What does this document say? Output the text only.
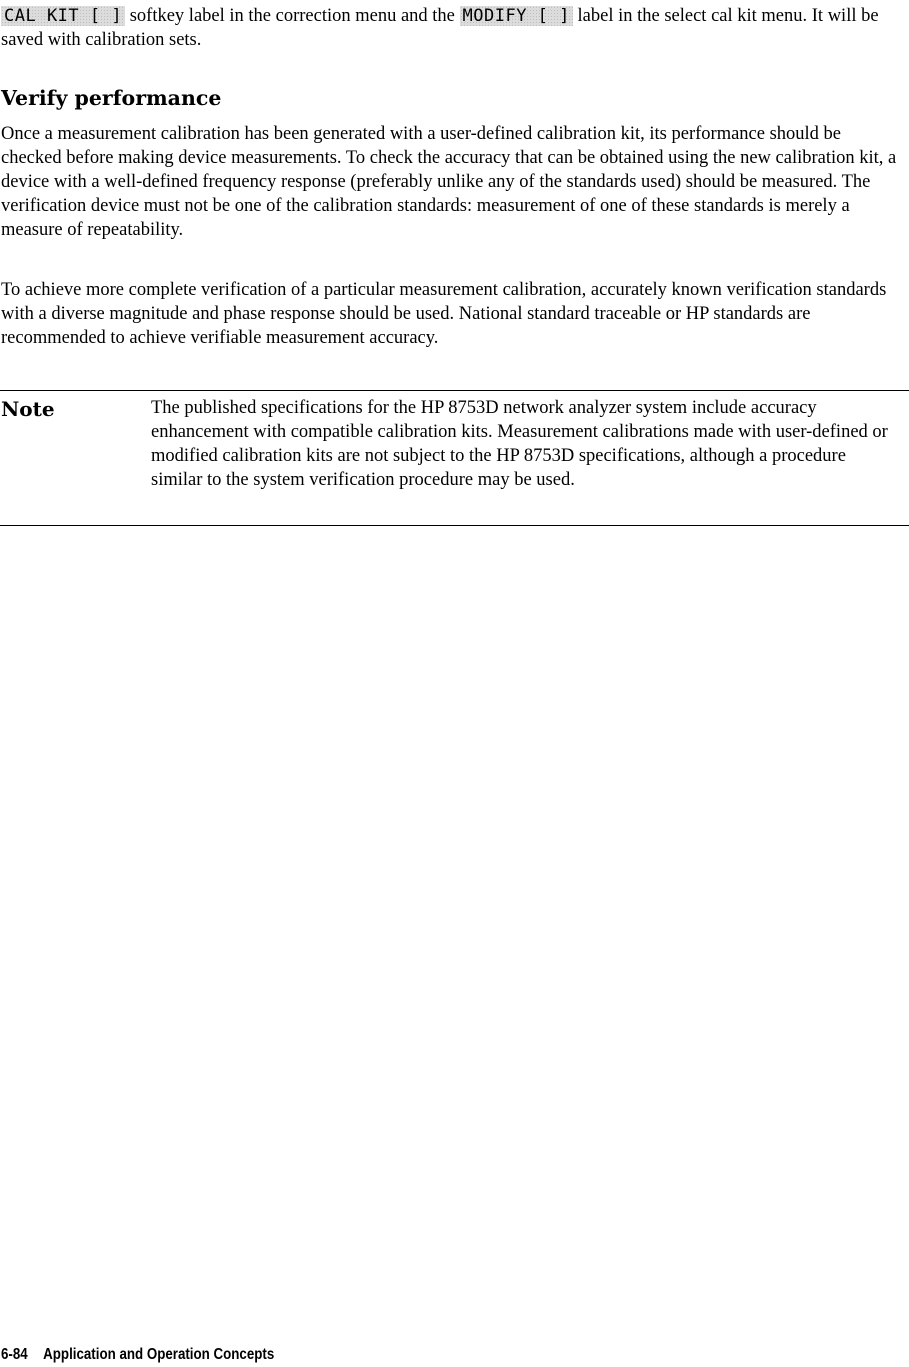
CAL KIT [ ] softkey label in the correction menu and the MODIFY [ ] label in the select cal kit menu. It will be saved with calibration sets.

Verify performance

Once a measurement calibration has been generated with a user-defined calibration kit, its performance should be checked before making device measurements. To check the accuracy that can be obtained using the new calibration kit, a device with a well-defined frequency response (preferably unlike any of the standards used) should be measured. The verification device must not be one of the calibration standards: measurement of one of these standards is merely a measure of repeatability.

To achieve more complete verification of a particular measurement calibration, accurately known verification standards with a diverse magnitude and phase response should be used. National standard traceable or HP standards are recommended to achieve verifiable measurement accuracy.

Note	The published specifications for the HP 8753D network analyzer system include accuracy enhancement with compatible calibration kits. Measurement calibrations made with user-defined or modified calibration kits are not subject to the HP 8753D specifications, although a procedure similar to the system verification procedure may be used.

6-84 Application and Operation Concepts
